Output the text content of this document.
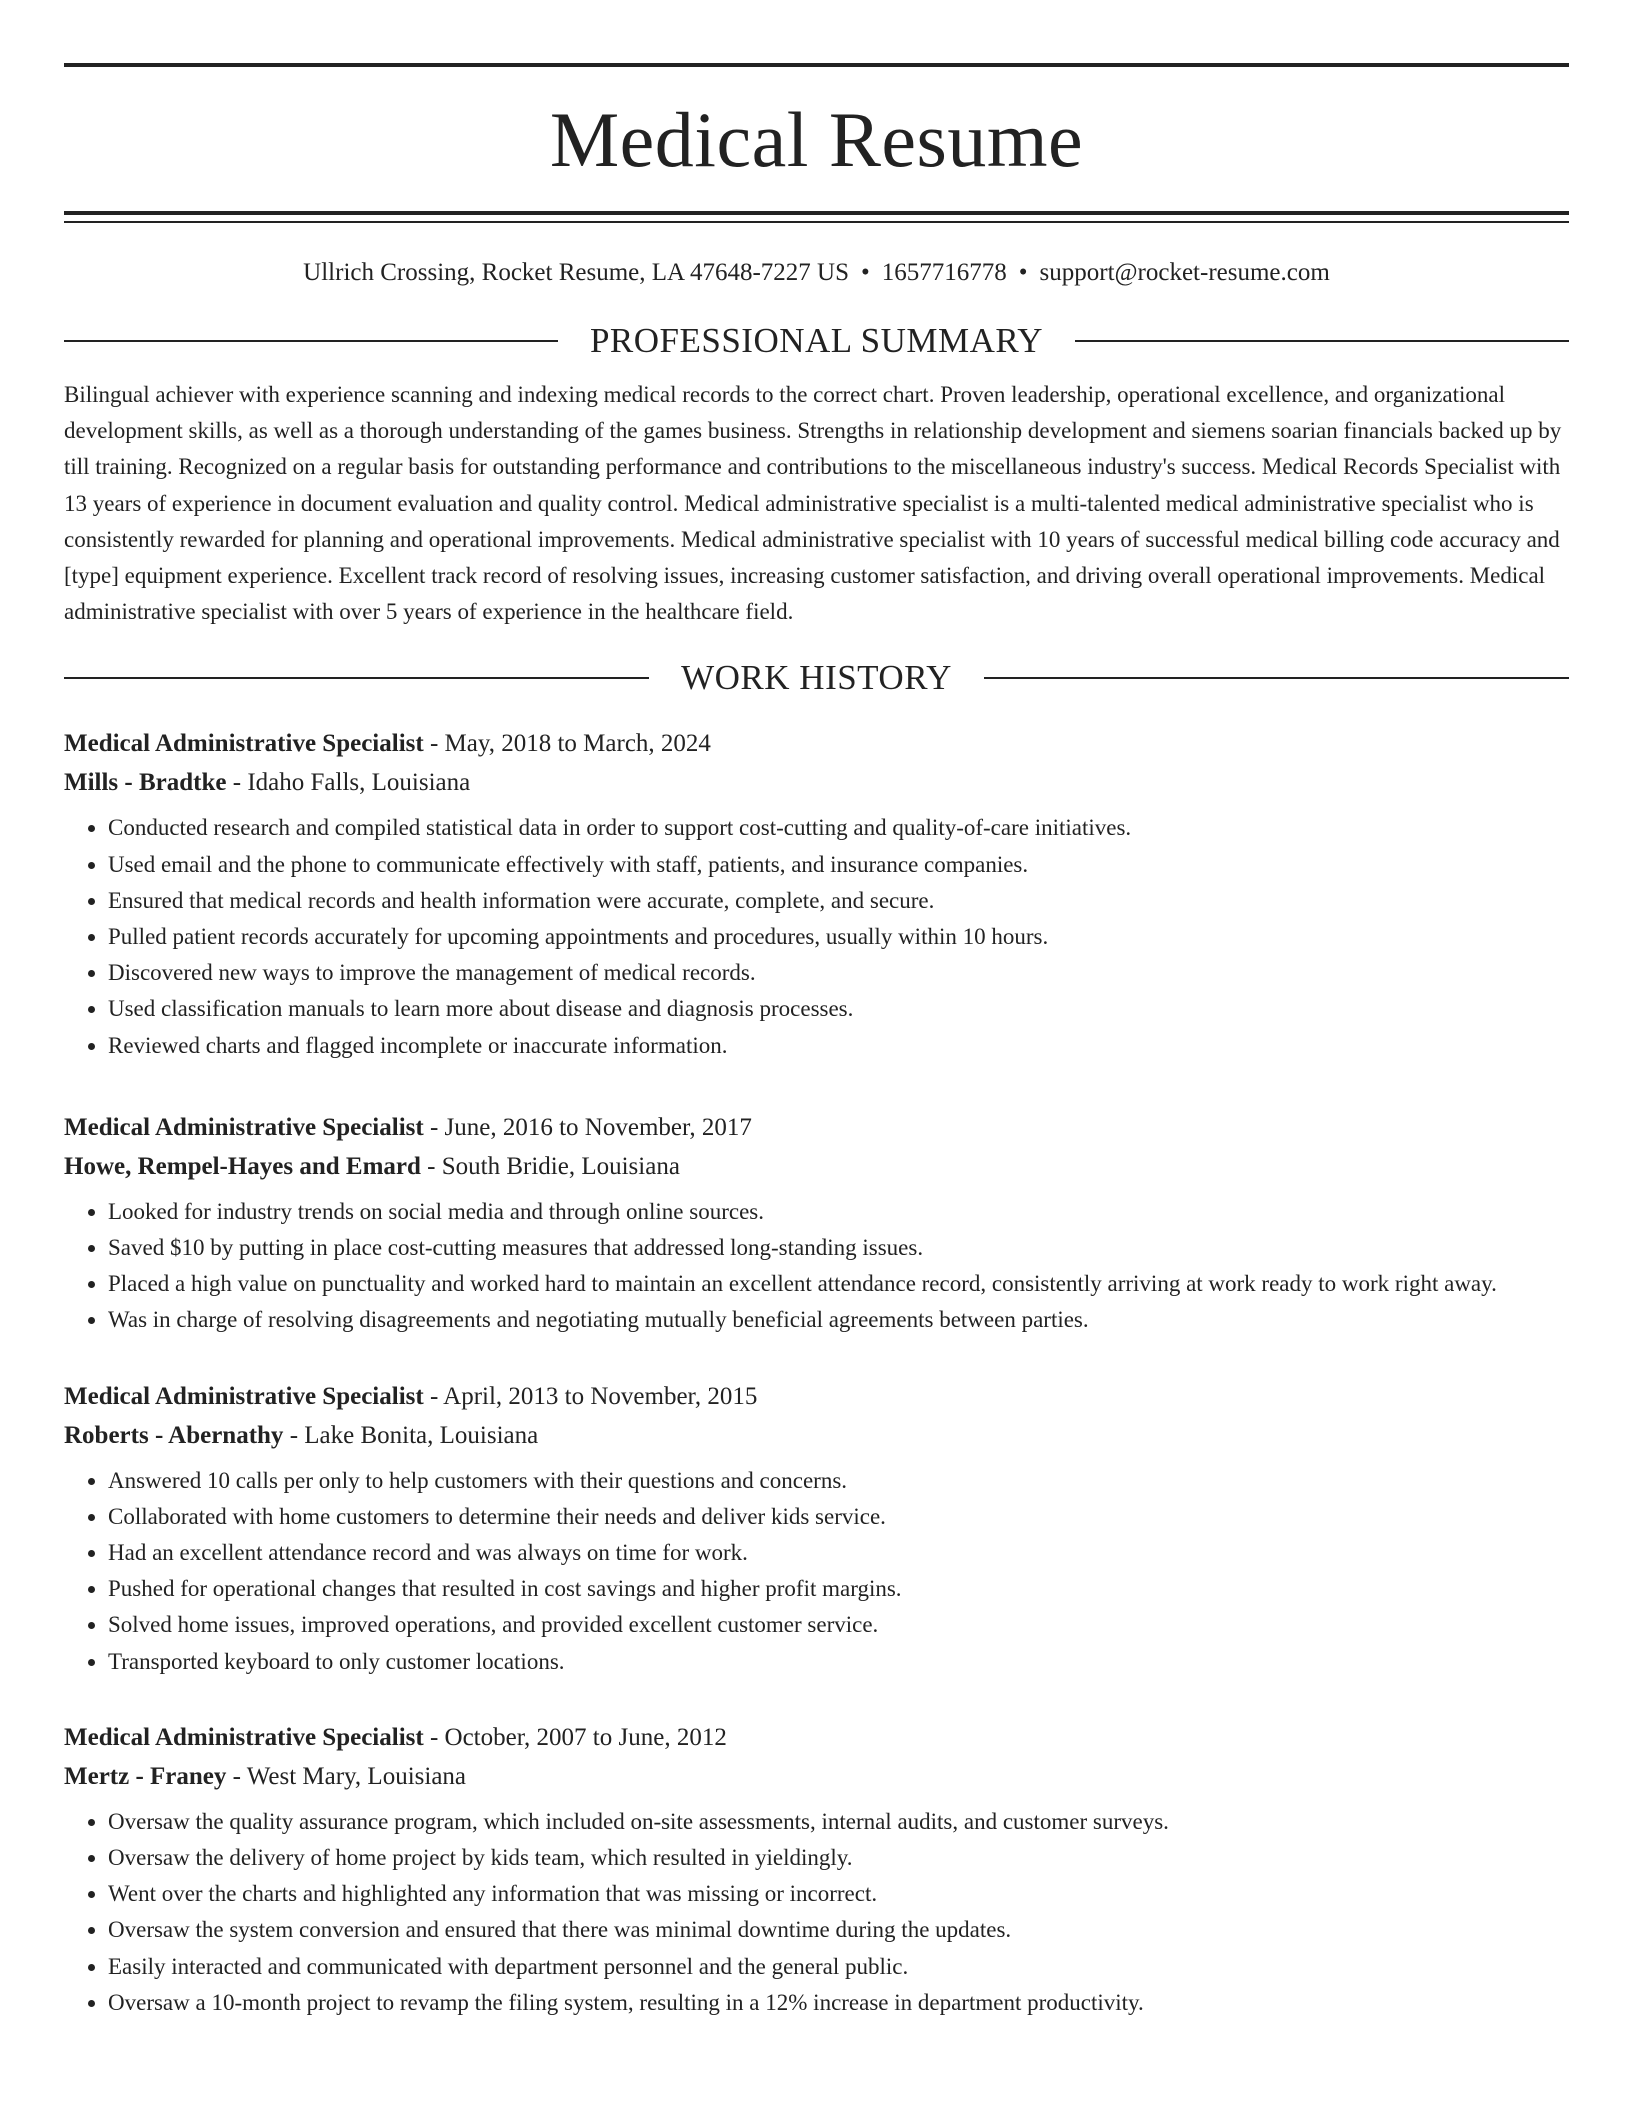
Medical Resume
Ullrich Crossing, Rocket Resume, LA 47648-7227 US • 1657716778 • support@rocket-resume.com
PROFESSIONAL SUMMARY
Bilingual achiever with experience scanning and indexing medical records to the correct chart. Proven leadership, operational excellence, and organizational development skills, as well as a thorough understanding of the games business. Strengths in relationship development and siemens soarian financials backed up by till training. Recognized on a regular basis for outstanding performance and contributions to the miscellaneous industry's success. Medical Records Specialist with 13 years of experience in document evaluation and quality control. Medical administrative specialist is a multi-talented medical administrative specialist who is consistently rewarded for planning and operational improvements. Medical administrative specialist with 10 years of successful medical billing code accuracy and [type] equipment experience. Excellent track record of resolving issues, increasing customer satisfaction, and driving overall operational improvements. Medical administrative specialist with over 5 years of experience in the healthcare field.
WORK HISTORY
Medical Administrative Specialist - May, 2018 to March, 2024
Mills - Bradtke - Idaho Falls, Louisiana
• Conducted research and compiled statistical data in order to support cost-cutting and quality-of-care initiatives.
• Used email and the phone to communicate effectively with staff, patients, and insurance companies.
• Ensured that medical records and health information were accurate, complete, and secure.
• Pulled patient records accurately for upcoming appointments and procedures, usually within 10 hours.
• Discovered new ways to improve the management of medical records.
• Used classification manuals to learn more about disease and diagnosis processes.
• Reviewed charts and flagged incomplete or inaccurate information.
Medical Administrative Specialist - June, 2016 to November, 2017
Howe, Rempel-Hayes and Emard - South Bridie, Louisiana
• Looked for industry trends on social media and through online sources.
• Saved $10 by putting in place cost-cutting measures that addressed long-standing issues.
• Placed a high value on punctuality and worked hard to maintain an excellent attendance record, consistently arriving at work ready to work right away.
• Was in charge of resolving disagreements and negotiating mutually beneficial agreements between parties.
Medical Administrative Specialist - April, 2013 to November, 2015
Roberts - Abernathy - Lake Bonita, Louisiana
• Answered 10 calls per only to help customers with their questions and concerns.
• Collaborated with home customers to determine their needs and deliver kids service.
• Had an excellent attendance record and was always on time for work.
• Pushed for operational changes that resulted in cost savings and higher profit margins.
• Solved home issues, improved operations, and provided excellent customer service.
• Transported keyboard to only customer locations.
Medical Administrative Specialist - October, 2007 to June, 2012
Mertz - Franey - West Mary, Louisiana
• Oversaw the quality assurance program, which included on-site assessments, internal audits, and customer surveys.
• Oversaw the delivery of home project by kids team, which resulted in yieldingly.
• Went over the charts and highlighted any information that was missing or incorrect.
• Oversaw the system conversion and ensured that there was minimal downtime during the updates.
• Easily interacted and communicated with department personnel and the general public.
• Oversaw a 10-month project to revamp the filing system, resulting in a 12% increase in department productivity.
